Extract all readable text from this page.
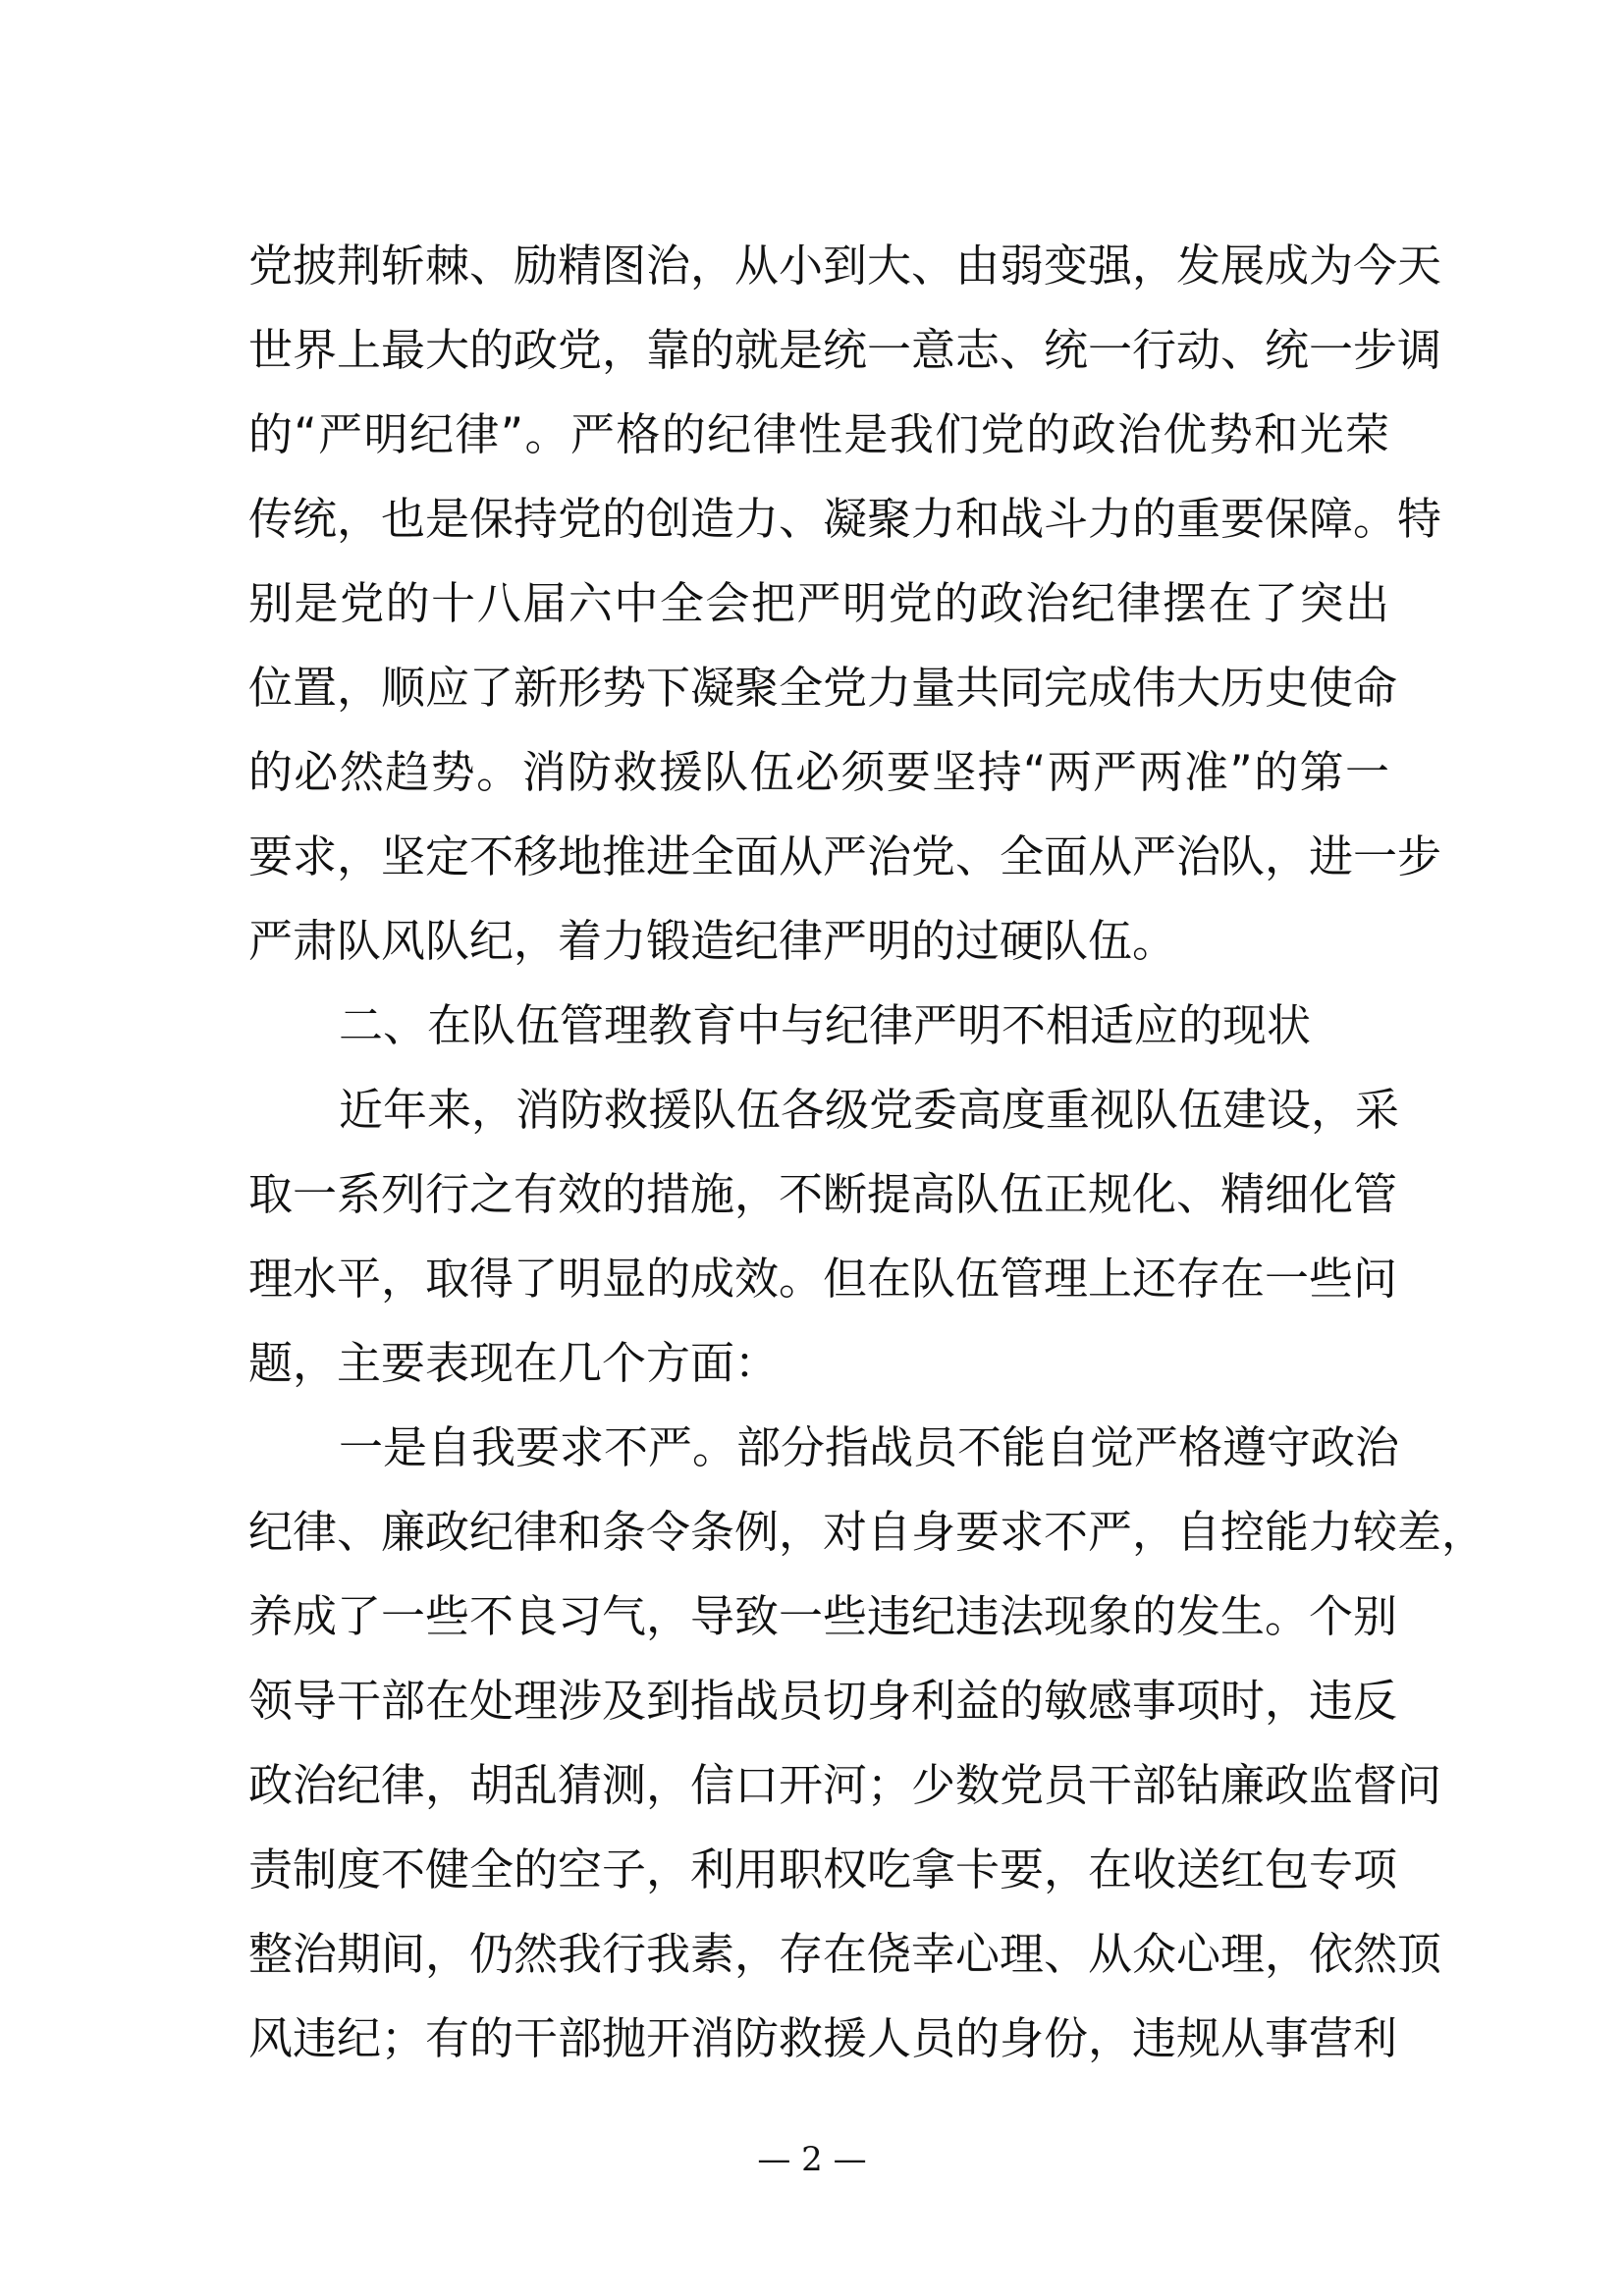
党披荆斩棘、励精图治，从小到大、由弱变强，发展成为今天
世界上最大的政党，靠的就是统一意志、统一行动、统一步调
的“严明纪律”。严格的纪律性是我们党的政治优势和光荣
传统，也是保持党的创造力、凝聚力和战斗力的重要保障。特
别是党的十八届六中全会把严明党的政治纪律摆在了突出
位置，顺应了新形势下凝聚全党力量共同完成伟大历史使命
的必然趋势。消防救援队伍必须要坚持“两严两准”的第一
要求，坚定不移地推进全面从严治党、全面从严治队，进一步
严肃队风队纪，着力锻造纪律严明的过硬队伍。
二、在队伍管理教育中与纪律严明不相适应的现状
近年来，消防救援队伍各级党委高度重视队伍建设，采
取一系列行之有效的措施，不断提高队伍正规化、精细化管
理水平，取得了明显的成效。但在队伍管理上还存在一些问
题，主要表现在几个方面：
一是自我要求不严。部分指战员不能自觉严格遵守政治
纪律、廉政纪律和条令条例，对自身要求不严，自控能力较差，
养成了一些不良习气，导致一些违纪违法现象的发生。个别
领导干部在处理涉及到指战员切身利益的敏感事项时，违反
政治纪律，胡乱猜测，信口开河；少数党员干部钻廉政监督问
责制度不健全的空子，利用职权吃拿卡要，在收送红包专项
整治期间，仍然我行我素，存在侥幸心理、从众心理，依然顶
风违纪；有的干部抛开消防救援人员的身份，违规从事营利
— 2 —
